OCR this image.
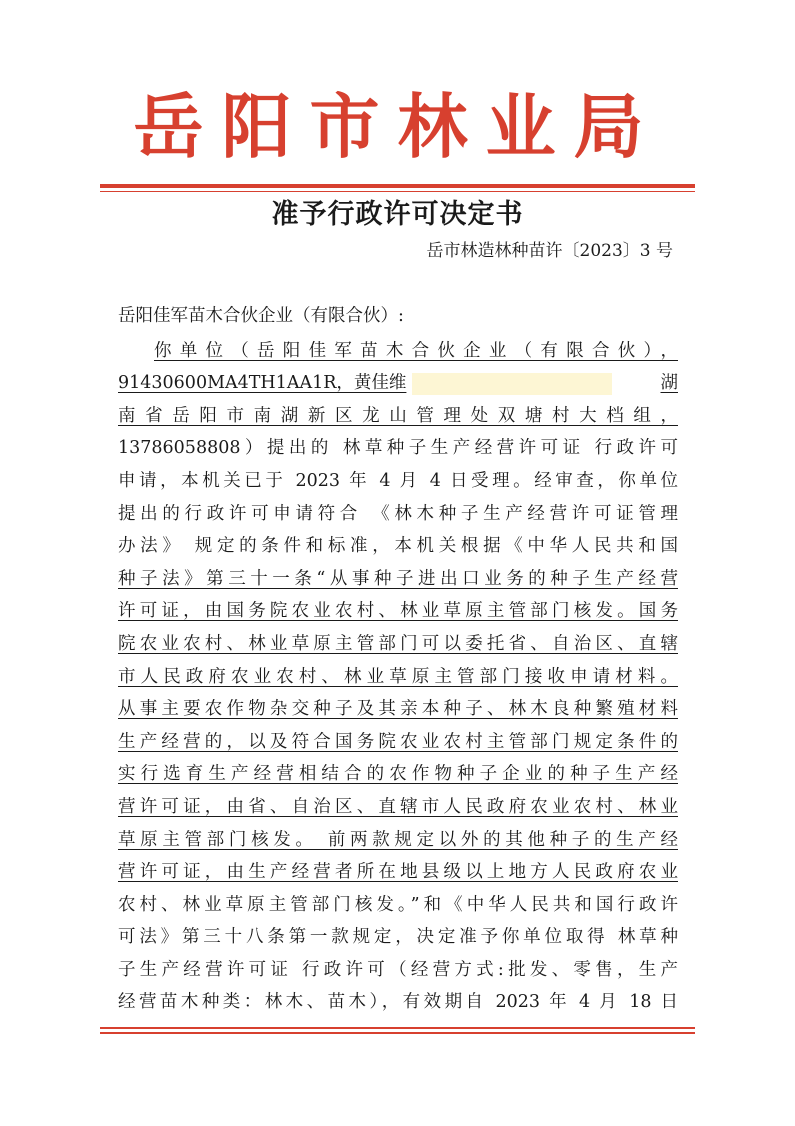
岳阳市林业局
准予行政许可决定书
岳市林造林种苗许〔2023〕3 号
岳阳佳军苗木合伙企业（有限合伙）:
你单位（岳阳佳军苗木合伙企业（有限合伙），
91430600MA4TH1AA1R，黄佳维	湖
南省岳阳市南湖新区龙山管理处双塘村大档组，
13786058808）提出的 林草种子生产经营许可证 行政许可
申请，本机关已于 2023 年 4 月 4 日受理。经审查，你单位
提出的行政许可申请符合 《林木种子生产经营许可证管理
办法》 规定的条件和标准，本机关根据《中华人民共和国
种子法》第三十一条“从事种子进出口业务的种子生产经营
许可证，由国务院农业农村、林业草原主管部门核发。国务
院农业农村、林业草原主管部门可以委托省、自治区、直辖
市人民政府农业农村、林业草原主管部门接收申请材料。
从事主要农作物杂交种子及其亲本种子、林木良种繁殖材料
生产经营的，以及符合国务院农业农村主管部门规定条件的
实行选育生产经营相结合的农作物种子企业的种子生产经
营许可证，由省、自治区、直辖市人民政府农业农村、林业
草原主管部门核发。 前两款规定以外的其他种子的生产经
营许可证，由生产经营者所在地县级以上地方人民政府农业
农村、林业草原主管部门核发。”和《中华人民共和国行政许
可法》第三十八条第一款规定，决定准予你单位取得 林草种
子生产经营许可证 行政许可（经营方式:批发、零售，生产
经营苗木种类：林木、苗木），有效期自 2023 年 4 月 18 日
